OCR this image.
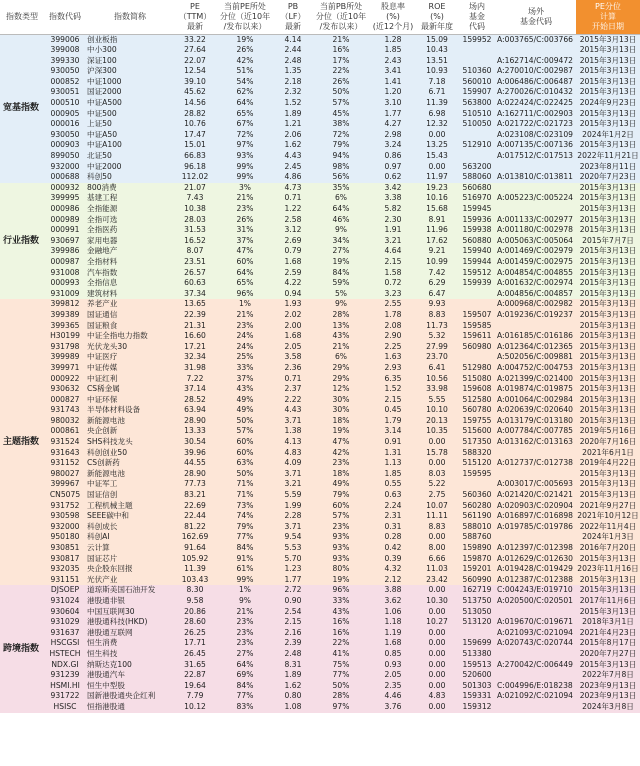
指数类型	指数代码	指数简称	PE
（TTM）
最新	当前PE所处
分位（近10年
/发布以来）	PB
（LF）
最新	当前PB所处
分位（近10年
/发布以来）	股息率
(%)
(近12个月)	ROE
(%)
最新年度	场内
基金
代码	场外
基金代码	PE分位
计算
开始日期
宽基指数	399006	创业板指	33.22	19%	4.14	21%	1.28	15.09	159952	A:003765/C:003766	2015年3月13日
	399008	中小300	27.64	26%	2.44	16%	1.85	10.43			2015年3月13日
	399330	深证100	22.07	42%	2.48	17%	2.43	13.51		A:162714/C:009472	2015年3月13日
	930050	沪深300	12.54	51%	1.35	22%	3.41	10.93	510360	A:270010/C:002987	2015年3月13日
	000852	中证1000	39.10	54%	2.18	26%	1.41	7.18	560010	A:006486/C:006487	2015年3月13日
	930051	国证2000	45.62	62%	2.32	50%	1.20	6.71	159907	A:270026/C:010432	2015年3月13日
	000510	中证A500	14.56	64%	1.52	57%	3.10	11.39	563800	A:022424/C:022425	2024年9月23日
	000905	中证500	28.82	65%	1.89	45%	1.77	6.98	510510	A:162711/C:002903	2015年3月13日
	000016	上证50	10.76	67%	1.21	38%	4.27	12.32	510050	A:021722/C:021723	2015年3月13日
	930050	中证A50	17.47	72%	2.06	72%	2.98	0.00		A:023108/C:023109	2024年1月2日
	000903	中证A100	15.01	97%	1.62	79%	3.24	13.25	512910	A:007135/C:007136	2015年3月13日
	899050	北证50	66.83	93%	4.43	94%	0.86	15.43		A:017512/C:017513	2022年11月21日
	932000	中证2000	96.18	99%	2.45	98%	0.97	0.00	563200		2023年8月11日
	000688	科创50	112.02	99%	4.86	56%	0.62	11.97	588060	A:013810/C:013811	2020年7月23日
行业指数	000932	800消费	21.07	3%	4.73	35%	3.42	19.23	560680		2015年3月13日
	399995	基建工程	7.43	21%	0.71	6%	3.38	10.16	516970	A:005223/C:005224	2015年3月13日
	000986	全指能源	10.38	23%	1.22	64%	5.82	15.68	159945		2015年3月13日
	000989	全指可选	28.03	26%	2.58	46%	2.30	8.91	159936	A:001133/C:002977	2015年3月13日
	000991	全指医药	31.53	31%	3.12	9%	1.91	11.96	159938	A:001180/C:002978	2015年3月13日
	930697	家用电器	16.52	37%	2.69	34%	3.21	17.62	560880	A:005063/C:005064	2015年7月7日
	399986	金融地产	8.07	47%	0.79	27%	4.64	9.21	159940	A:001469/C:002979	2015年3月13日
	000987	全指材料	23.51	60%	1.68	19%	2.15	10.99	159944	A:001459/C:002975	2015年3月13日
	931008	汽车指数	26.57	64%	2.59	84%	1.58	7.42	159512	A:004854/C:004855	2015年3月13日
	000993	全指信息	60.63	65%	4.22	59%	0.72	6.29	159939	A:001632/C:002974	2015年3月13日
	931009	建筑材料	37.34	96%	0.94	5%	3.23	6.47		A:004856/C:004857	2015年3月13日
主题指数	399812	养老产业	13.65	1%	1.93	9%	2.55	9.93		A:000968/C:002982	2015年3月13日
	399389	国证通信	22.39	21%	2.02	28%	1.78	8.83	159507	A:019236/C:019237	2015年3月13日
	399365	国证粮食	21.31	23%	2.00	13%	2.08	11.73	159585		2015年3月13日
	H30199	中证全指电力指数	16.60	24%	1.68	43%	2.90	5.32	159611	A:016185/C:016186	2015年3月13日
	931798	光伏龙头30	17.21	24%	2.05	21%	2.25	27.99	560980	A:012364/C:012365	2015年3月13日
	399989	中证医疗	32.34	25%	3.58	6%	1.63	23.70		A:502056/C:009881	2015年3月13日
	399971	中证传媒	31.98	33%	2.36	29%	2.93	6.41	512980	A:004752/C:004753	2015年3月13日
	000922	中证红利	7.22	37%	0.71	29%	6.35	10.56	515080	A:021399/C:021400	2015年3月13日
	930632	CS稀金属	37.14	43%	2.37	12%	1.52	33.98	159608	A:019874/C:019875	2015年3月13日
	000827	中证环保	28.52	49%	2.22	30%	2.15	5.55	512580	A:001064/C:002984	2015年3月13日
	931743	半导体材料设备	63.94	49%	4.43	30%	0.45	10.10	560780	A:020639/C:020640	2015年3月13日
	980032	新能源电池	28.90	50%	3.71	18%	1.79	20.13	159755	A:013179/C:013180	2015年3月13日
	000861	央企创新	13.33	57%	1.38	19%	3.14	10.35	515600	A:007784/C:007785	2019年5月16日
	931524	SHS科技龙头	30.54	60%	4.13	47%	0.91	0.00	517350	A:013162/C:013163	2020年7月16日
	931643	科创创业50	39.96	60%	4.83	42%	1.31	15.78	588320		2021年6月1日
	931152	CS创新药	44.55	63%	4.09	23%	1.13	0.00	515120	A:012737/C:012738	2019年4月22日
	980027	新能源电池	28.90	50%	3.71	18%	1.85	8.03	159595		2015年3月13日
	399967	中证军工	77.73	71%	3.21	49%	0.55	5.22		A:003017/C:005693	2015年3月13日
	CN5075	国证信创	83.21	71%	5.59	79%	0.63	2.75	560360	A:021420/C:021421	2015年3月13日
	931752	工程机械主题	22.69	73%	1.99	60%	2.24	10.07	560280	A:020903/C:020904	2021年9月27日
	930598	SEEE碳中和	22.44	74%	2.28	57%	2.31	11.11	561190	A:016897/C:016898	2021年10月12日
	932000	科创成长	81.22	79%	3.71	23%	0.31	8.83	588010	A:019785/C:019786	2022年11月4日
	950180	科创AI	162.69	77%	9.54	93%	0.28	0.00	588760		2024年1月3日
	930851	云计算	91.64	84%	5.53	93%	0.42	8.00	159890	A:012397/C:012398	2016年7月20日
	930817	国证芯片	105.92	91%	5.70	93%	0.39	6.66	159870	A:012629/C:012630	2015年3月13日
	932035	央企股东回报	11.39	61%	1.23	80%	4.32	11.03	159201	A:019428/C:019429	2023年11月16日
	931151	光伏产业	103.43	99%	1.77	19%	2.12	23.42	560990	A:012387/C:012388	2015年3月13日
跨境指数	DJSOEP	道琼斯美国石油开发	8.30	1%	2.72	96%	3.88	0.00	162719	C:004243/E:019710	2015年3月13日
	931024	港股通非银	9.58	9%	0.90	33%	3.62	10.30	513750	A:020500/C:020501	2017年11月6日
	930604	中国互联网30	20.86	21%	2.54	43%	1.06	0.00	513050		2015年3月13日
	931029	港股通科技(HKD)	28.60	23%	2.15	16%	1.18	10.27	513120	A:019670/C:019671	2018年3月1日
	931637	港股通互联网	26.25	23%	2.16	16%	1.19	0.00		A:021093/C:021094	2021年4月23日
	HSCGSI	恒生消费	17.71	23%	2.39	22%	1.68	0.00	159699	A:020743/C:020744	2015年8月17日
	HSTECH	恒生科技	26.45	27%	2.48	41%	0.85	0.00	513380		2020年7月27日
	NDX.GI	纳斯达克100	31.65	64%	8.31	75%	0.93	0.00	159513	A:270042/C:006449	2015年3月13日
	931239	港股通汽车	22.87	69%	1.89	77%	2.05	0.00	520600		2022年7月8日
	HSMI.HI	恒生中型股	19.64	84%	1.62	50%	2.35	0.00	501303	C:004996/E:018238	2023年9月13日
	931722	国新港股通央企红利	7.79	77%	0.80	28%	4.46	4.83	159331	A:021092/C:021094	2023年9月13日
	HSISC	恒指港股通	10.12	83%	1.08	97%	3.76	0.00	159312		2024年3月8日
